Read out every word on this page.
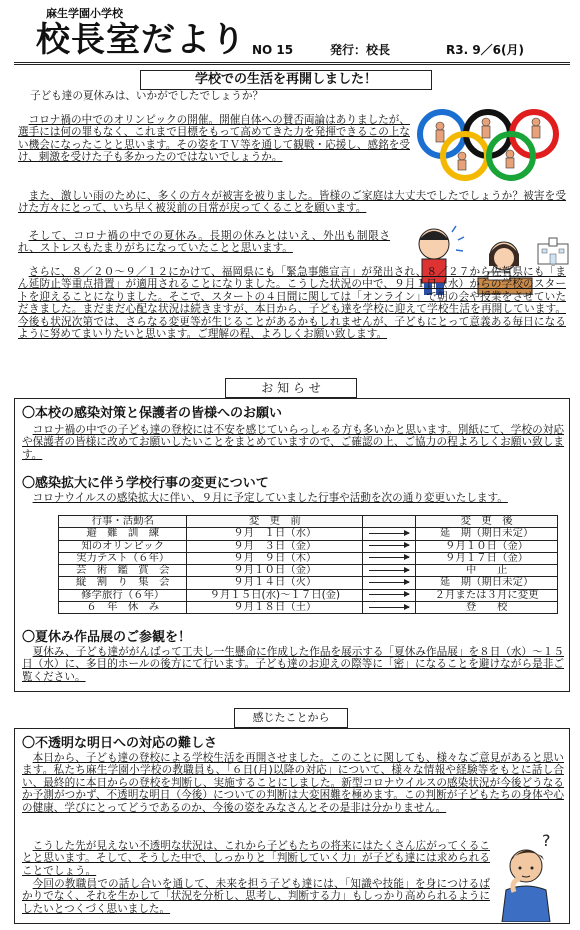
麻生学園小学校
校長室だより NO 15	発行：校長	R3. 9／6(月)
学校での生活を再開しました！

子ども達の夏休みは、いかがでしたでしょうか？

コロナ禍の中でのオリンピックの開催。開催自体への賛否両論はありましたが、選手には何の罪もなく、これまで目標をもって高めてきた力を発揮できるこの上ない機会になったことと思います。その姿をＴＶ等を通して観戦・応援し、感銘を受け、刺激を受けた子も多かったのではないでしょうか。

また、激しい雨のために、多くの方々が被害を被りました。皆様のご家庭は大丈夫でしたでしょうか？被害を受けた方々にとって、いち早く被災前の日常が戻ってくることを願います。

そして、コロナ禍の中での夏休み。長期の休みとはいえ、外出も制限され、ストレスもたまりがちになっていたことと思います。

さらに、８／２０～９／１２にかけて、福岡県にも「緊急事態宣言」が発出され、８／２７から佐賀県にも「まん延防止等重点措置」が適用されることになりました。こうした状況の中で、９月１日（水）からの学校のスタートを迎えることになりました。そこで、スタートの４日間に関しては「オンライン」で朝の会や授業をさせていただきました。まだまだ心配な状況は続きますが、本日から、子ども達を学校に迎えて学校生活を再開しています。今後も状況次第では、さらなる変更等が生じることがあるかもしれませんが、子どもにとって意義ある毎日になるように努めてまいりたいと思います。ご理解の程、よろしくお願い致します。

お 知 ら せ
〇本校の感染対策と保護者の皆様へのお願い

コロナ禍の中での子ども達の登校には不安を感じていらっしゃる方も多いかと思います。別紙にて、学校の対応や保護者の皆様に改めてお願いしたいことをまとめていますので、ご確認の上、ご協力の程よろしくお願い致します。

〇感染拡大に伴う学校行事の変更について

コロナウイルスの感染拡大に伴い、９月に予定していました行事や活動を次の通り変更いたします。

行事・活動名	変　更　前		変　更　後
避　難　訓　練	９月　１日（水）		延　期（期日未定）
知のオリンピック	９月　３日（金）		９月１０日（金）
実力テスト（６年）	９月　９日（木）		９月１７日（金）
芸　術　鑑　賞　会	９月１０日（金）		中　　止
縦　割　り　集　会	９月１４日（火）		延　期（期日未定）
修学旅行（６年）	９月１５日(水)～１７日(金)		２月または３月に変更
６　年　休　み	９月１８日（土）		登　　校
〇夏休み作品展のご参観を！

夏休み、子ども達ががんばって工夫し一生懸命に作成した作品を展示する「夏休み作品展」を８日（水）～１５日（水）に、多目的ホールの後方にて行います。子ども達のお迎えの際等に「密」になることを避けながら是非ご覧ください。

感じたことから
〇不透明な明日への対応の難しさ

本日から、子ども達の登校による学校生活を再開させました。このことに関しても、様々なご意見があると思います。私たち麻生学園小学校の教職員も、「６日(月)以降の対応」について、様々な情報や経験等をもとに話し合い、最終的に本日からの登校を判断し、実施することにしました。新型コロナウイルスの感染状況が今後どうなるか予測がつかず、不透明な明日（今後）についての判断は大変困難を極めます。この判断が子どもたちの身体や心の健康、学びにとってどうであるのか、今後の姿をみなさんとその是非は分かりません。

こうした先が見えない不透明な状況は、これから子どもたちの将来にはたくさん広がってくることと思います。そして、そうした中で、しっかりと「判断していく力」が子ども達には求められることでしょう。

今回の教職員での話し合いを通して、未来を担う子ども達には、「知識や技能」を身につけるばかりでなく、それを生かして「状況を分析し、思考し、判断する力」もしっかり高められるようにしたいとつくづく思いました。

?
